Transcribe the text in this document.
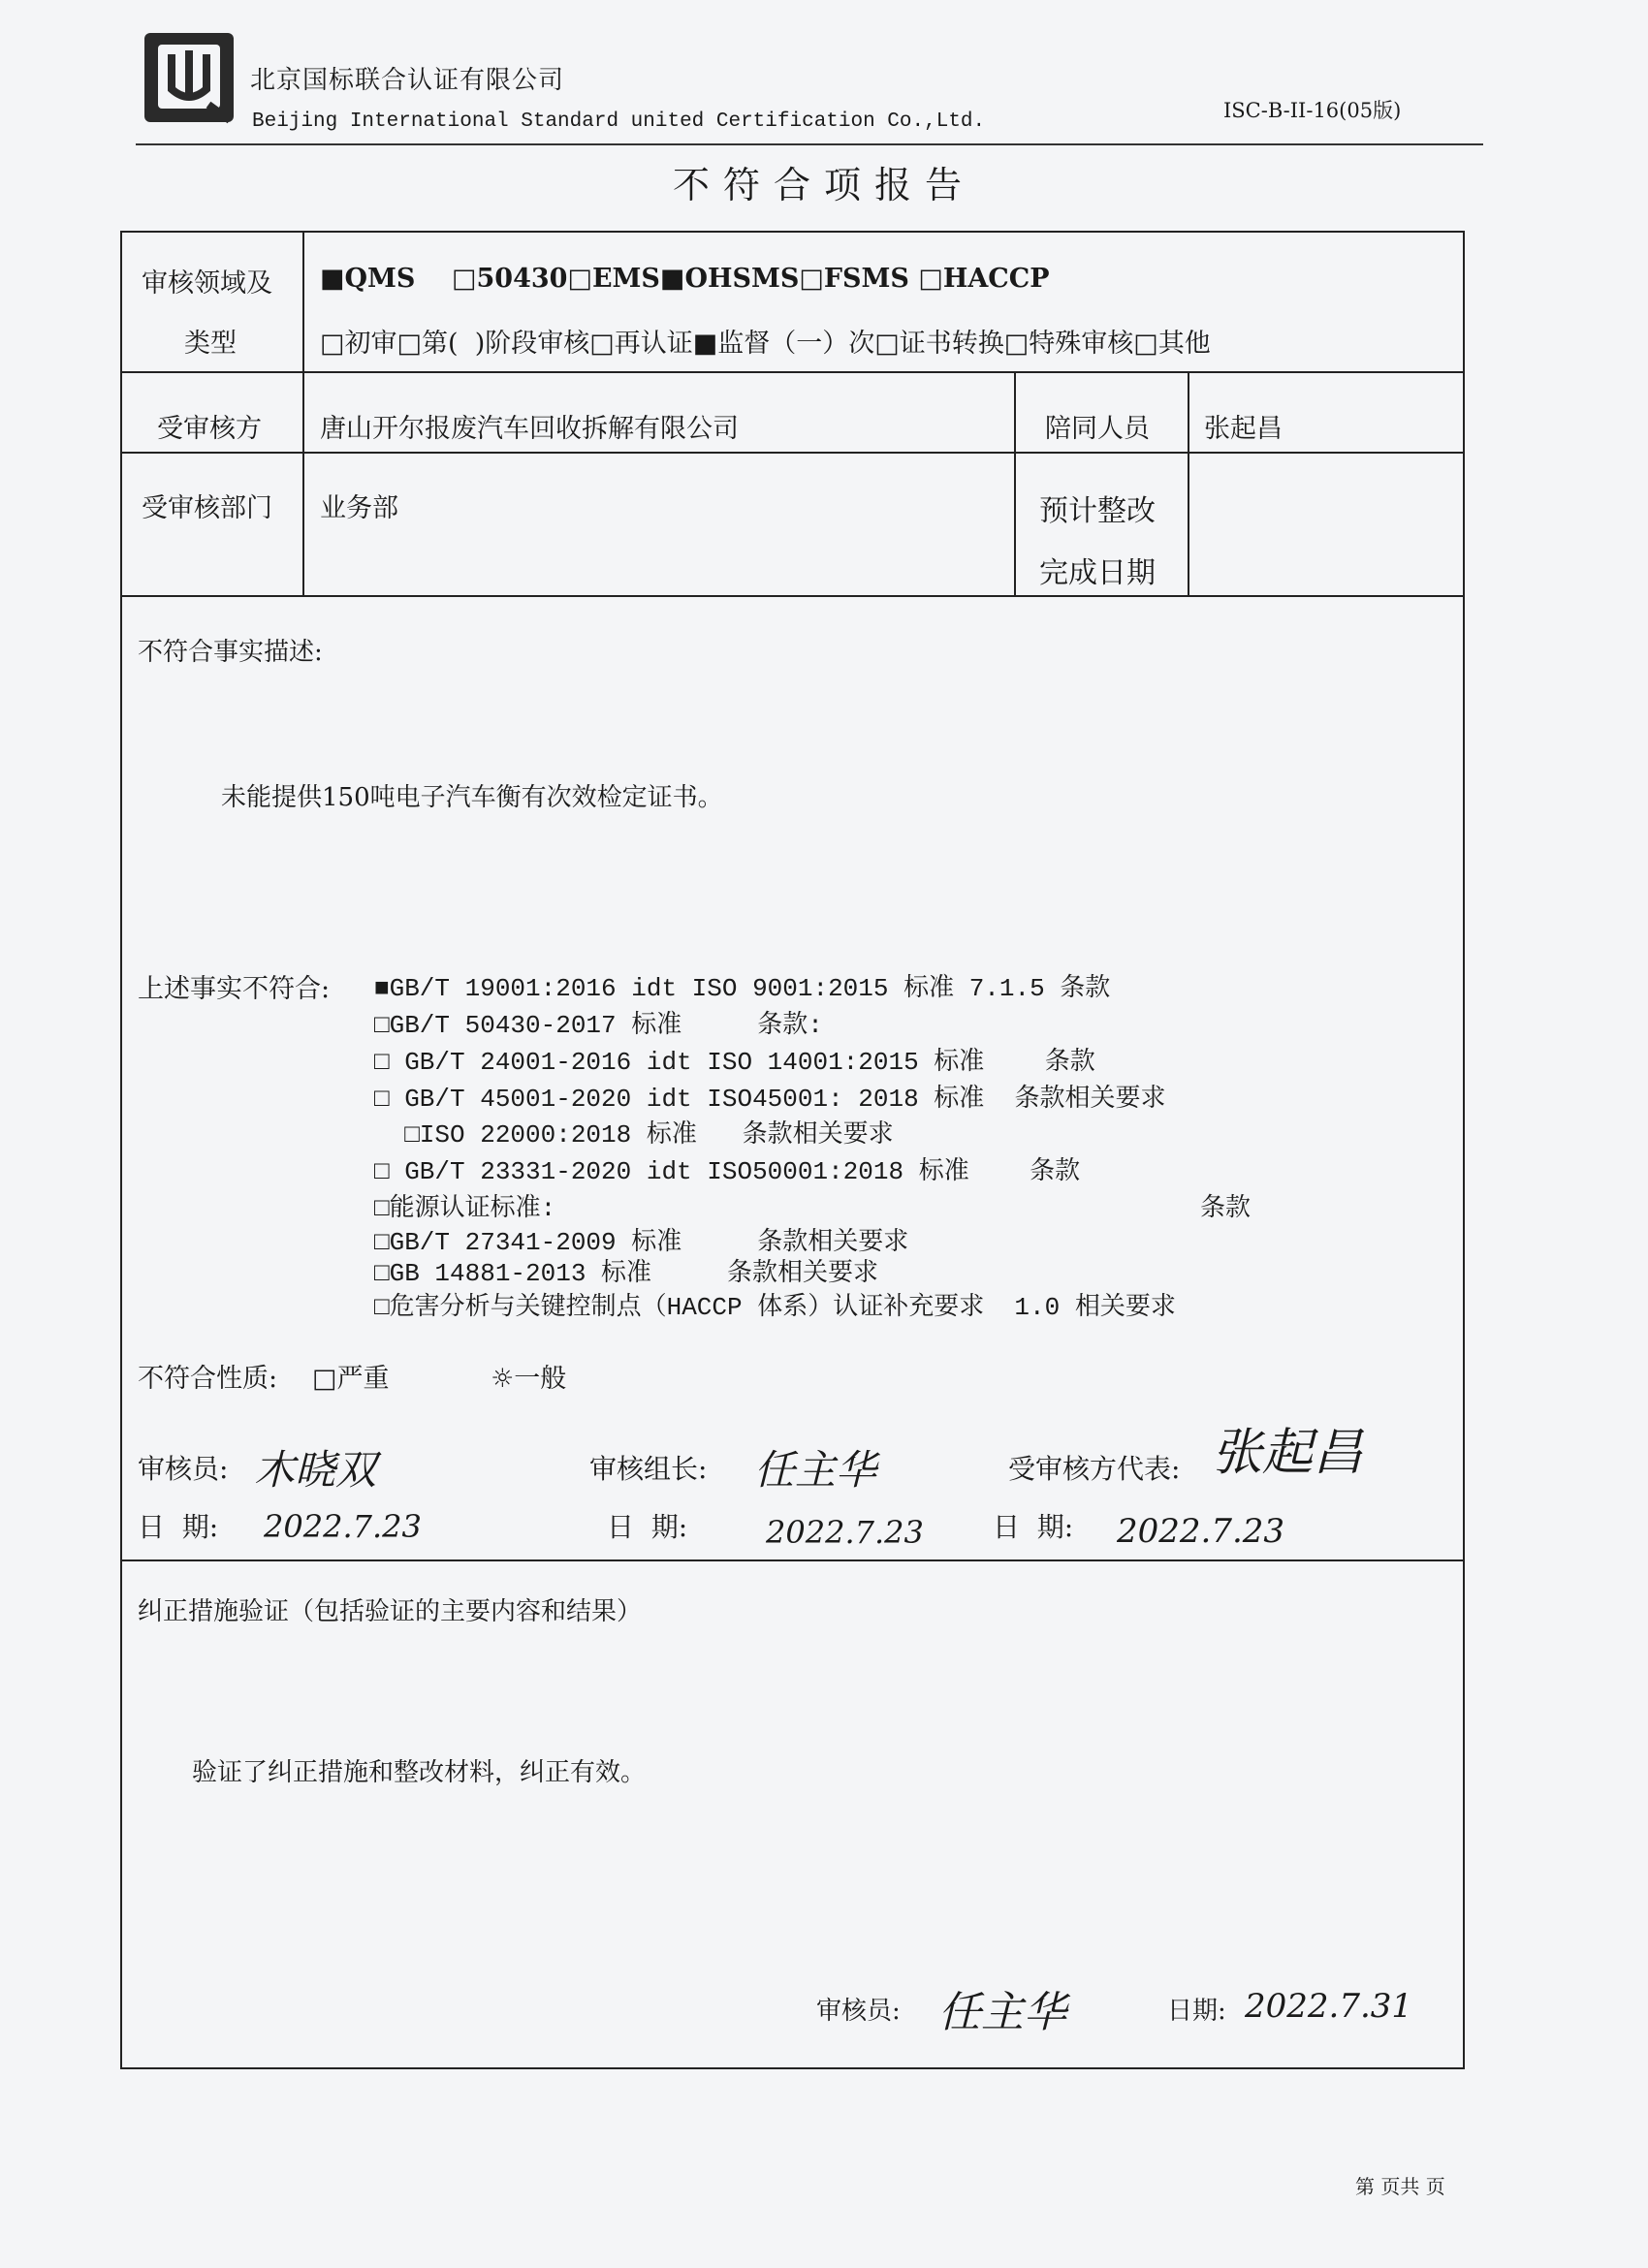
北京国标联合认证有限公司
Beijing International Standard united Certification Co.,Ltd.	ISC-B-II-16(05版)
不符合项报告
审核领域及
类型
■QMS    □50430□EMS■OHSMS□FSMS □HACCP
□初审□第(  )阶段审核□再认证■监督（一）次□证书转换□特殊审核□其他
受审核方 唐山开尔报废汽车回收拆解有限公司	陪同人员 张起昌
受审核部门 业务部	预计整改
完成日期
不符合事实描述:
未能提供150吨电子汽车衡有次效检定证书。
上述事实不符合: ■GB/T 19001:2016 idt ISO 9001:2015 标准 7.1.5 条款
□GB/T 50430-2017 标准     条款:
□ GB/T 24001-2016 idt ISO 14001:2015 标准    条款
□ GB/T 45001-2020 idt ISO45001: 2018 标准  条款相关要求
□ISO 22000:2018 标准   条款相关要求
□ GB/T 23331-2020 idt ISO50001:2018 标准    条款
□能源认证标准:	条款
□GB/T 27341-2009 标准     条款相关要求
□GB 14881-2013 标准     条款相关要求
□危害分析与关键控制点（HACCP 体系）认证补充要求  1.0 相关要求
不符合性质: □严重	☼一般
审核员: 木晓双	审核组长: 任主华	受审核方代表: 张起昌
日  期: 2022.7.23	日  期:	2022.7.23	日  期: 2022.7.23
纠正措施验证（包括验证的主要内容和结果）
验证了纠正措施和整改材料，纠正有效。
审核员: 任主华	日期: 2022.7.31
第 页共 页
